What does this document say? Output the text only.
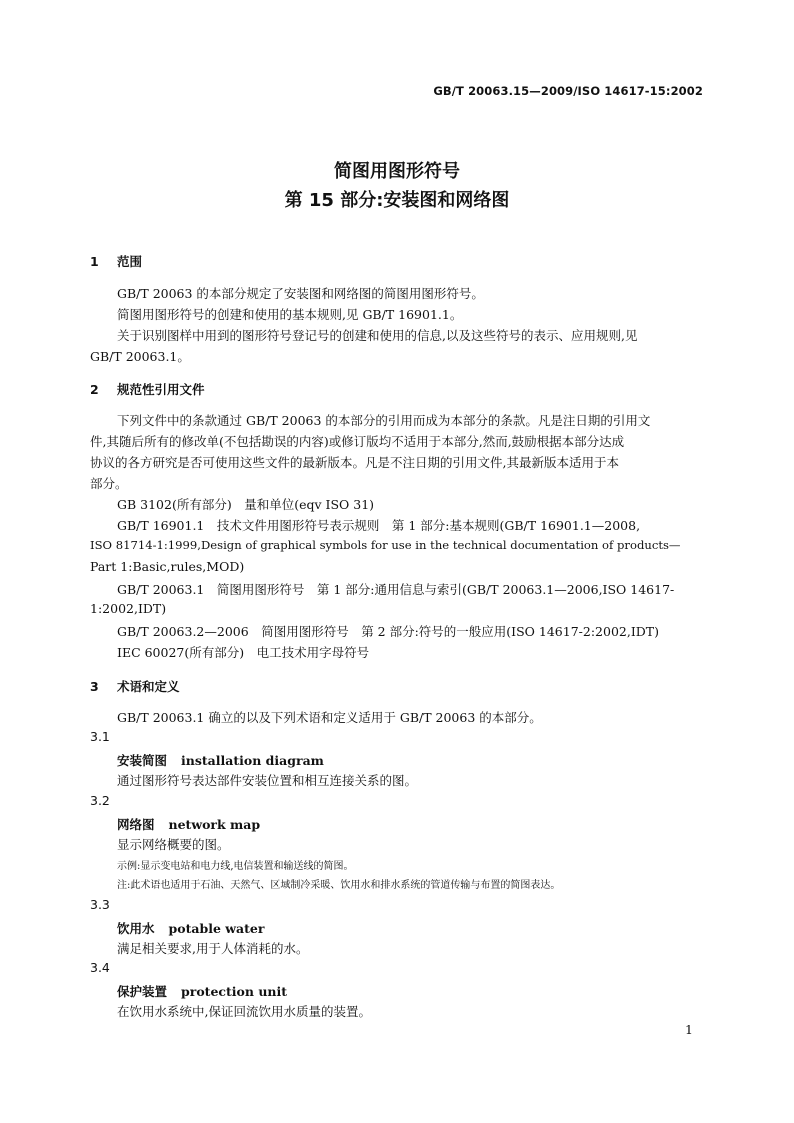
GB/T 20063.15—2009/ISO 14617-15:2002
简图用图形符号
第 15 部分:安装图和网络图
1 范围
GB/T 20063 的本部分规定了安装图和网络图的简图用图形符号。
简图用图形符号的创建和使用的基本规则,见 GB/T 16901.1。
关于识别图样中用到的图形符号登记号的创建和使用的信息,以及这些符号的表示、应用规则,见
GB/T 20063.1。
2 规范性引用文件
下列文件中的条款通过 GB/T 20063 的本部分的引用而成为本部分的条款。凡是注日期的引用文
件,其随后所有的修改单(不包括勘误的内容)或修订版均不适用于本部分,然而,鼓励根据本部分达成
协议的各方研究是否可使用这些文件的最新版本。凡是不注日期的引用文件,其最新版本适用于本
部分。
GB 3102(所有部分)　量和单位(eqv ISO 31)
GB/T 16901.1　技术文件用图形符号表示规则　第 1 部分:基本规则(GB/T 16901.1—2008,
ISO 81714-1:1999,Design of graphical symbols for use in the technical documentation of products—
Part 1:Basic,rules,MOD)
GB/T 20063.1　简图用图形符号　第 1 部分:通用信息与索引(GB/T 20063.1—2006,ISO 14617-
1:2002,IDT)
GB/T 20063.2—2006　简图用图形符号　第 2 部分:符号的一般应用(ISO 14617-2:2002,IDT)
IEC 60027(所有部分)　电工技术用字母符号
3 术语和定义
GB/T 20063.1 确立的以及下列术语和定义适用于 GB/T 20063 的本部分。
3.1
安装简图 installation diagram
通过图形符号表达部件安装位置和相互连接关系的图。
3.2
网络图 network map
显示网络概要的图。
示例:显示变电站和电力线,电信装置和输送线的简图。
注:此术语也适用于石油、天然气、区域制冷采暖、饮用水和排水系统的管道传输与布置的简图表达。
3.3
饮用水 potable water
满足相关要求,用于人体消耗的水。
3.4
保护装置 protection unit
在饮用水系统中,保证回流饮用水质量的装置。
1
